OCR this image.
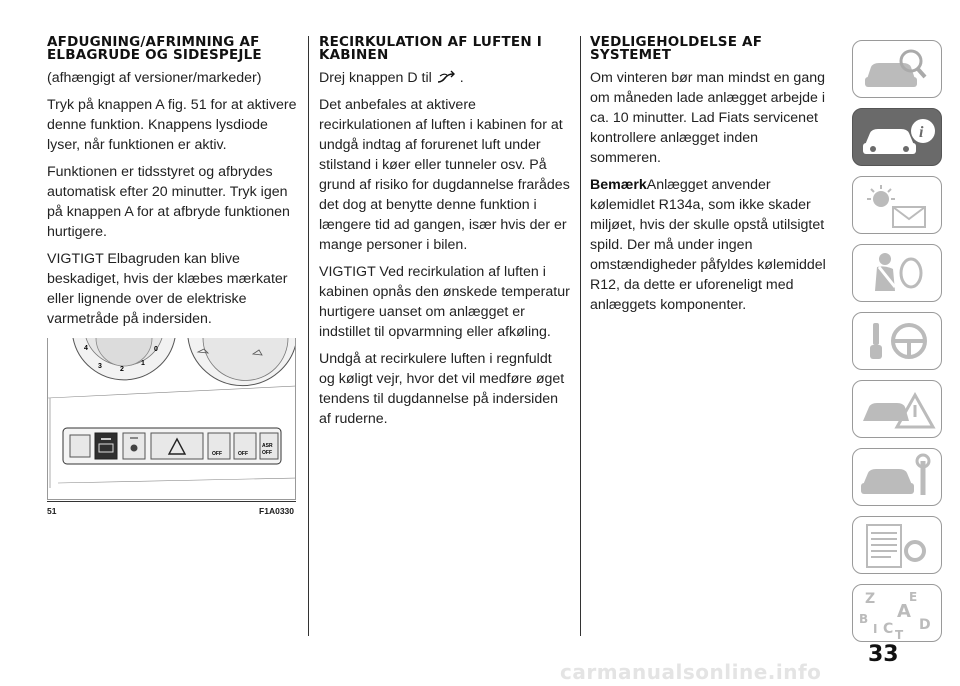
AFDUGNING/AFRIMNING AF ELBAGRUDE OG SIDESPEJLE

(afhængigt af versioner/markeder)

Tryk på knappen A fig. 51 for at aktivere denne funktion. Knappens lysdiode lyser, når funktionen er aktiv.

Funktionen er tidsstyret og afbrydes automatisk efter 20 minutter. Tryk igen på knappen A for at afbryde funktionen hurtigere.

VIGTIGT Elbagruden kan blive beskadiget, hvis der klæbes mærkater eller lignende over de elektriske varmetråde på indersiden.

4	0
3	2
1
OFF	OFF
ASR
OFF
51	F1A0330
RECIRKULATION AF LUFTEN I KABINEN

Drej knappen D til .

Det anbefales at aktivere recirkulationen af luften i kabinen for at undgå indtag af forurenet luft under stilstand i køer eller tunneler osv. På grund af risiko for dugdannelse frarådes det dog at benytte denne funktion i længere tid ad gangen, især hvis der er mange personer i bilen.

VIGTIGT Ved recirkulation af luften i kabinen opnås den ønskede temperatur hurtigere uanset om anlægget er indstillet til opvarmning eller afkøling.

Undgå at recirkulere luften i regnfuldt og køligt vejr, hvor det vil medføre øget tendens til dugdannelse på indersiden af ruderne.

VEDLIGEHOLDELSE AF SYSTEMET

Om vinteren bør man mindst en gang om måneden lade anlægget arbejde i ca. 10 minutter. Lad Fiats servicenet kontrollere anlægget inden sommeren.

BemærkAnlægget anvender kølemidlet R134a, som ikke skader miljøet, hvis der skulle opstå utilsigtet spild. Der må under ingen omstændigheder påfyldes kølemiddel R12, da dette er uforeneligt med anlæggets komponenter.

i
Z	E
A
B
I C T
D
33
carmanualsonline.info
